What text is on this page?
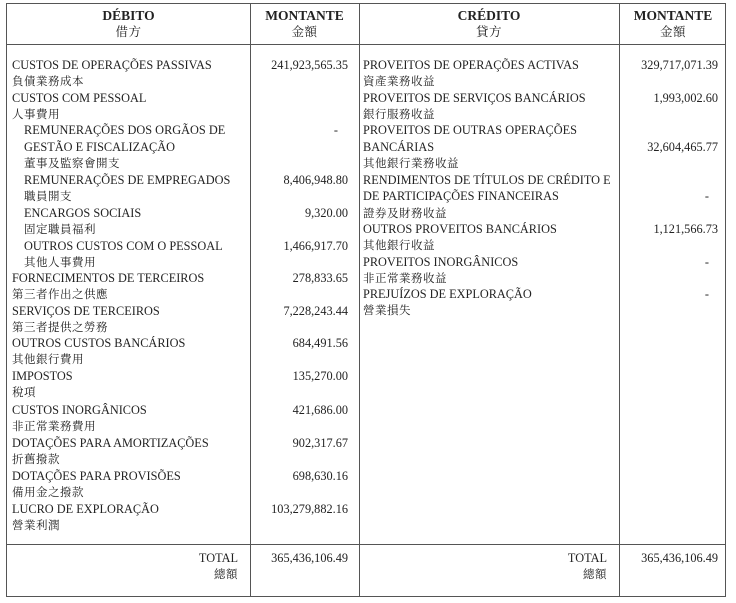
DÉBITO
借方
MONTANTE
金額
CRÉDITO
貸方
MONTANTE
金額
CUSTOS DE OPERAÇÕES PASSIVAS
負債業務成本
241,923,565.35
CUSTOS COM PESSOAL
人事費用
REMUNERAÇÕES DOS ORGÃOS DE
GESTÃO E FISCALIZAÇÃO
董事及監察會開支
-
REMUNERAÇÕES DE EMPREGADOS
職員開支
8,406,948.80
ENCARGOS SOCIAIS
固定職員福利
9,320.00
OUTROS CUSTOS COM O PESSOAL
其他人事費用
1,466,917.70
FORNECIMENTOS DE TERCEIROS
第三者作出之供應
278,833.65
SERVIÇOS DE TERCEIROS
第三者提供之勞務
7,228,243.44
OUTROS CUSTOS BANCÁRIOS
其他銀行費用
684,491.56
IMPOSTOS
稅項
135,270.00
CUSTOS INORGÂNICOS
非正常業務費用
421,686.00
DOTAÇÕES PARA AMORTIZAÇÕES
折舊撥款
902,317.67
DOTAÇÕES PARA PROVISÕES
備用金之撥款
698,630.16
LUCRO DE EXPLORAÇÃO
營業利潤
103,279,882.16
PROVEITOS DE OPERAÇÕES ACTIVAS
資產業務收益
329,717,071.39
PROVEITOS DE SERVIÇOS BANCÁRIOS
銀行服務收益
1,993,002.60
PROVEITOS DE OUTRAS OPERAÇÕES
BANCÁRIAS
其他銀行業務收益
32,604,465.77
RENDIMENTOS DE TÍTULOS DE CRÉDITO E
DE PARTICIPAÇÕES FINANCEIRAS
證券及財務收益
-
OUTROS PROVEITOS BANCÁRIOS
其他銀行收益
1,121,566.73
PROVEITOS INORGÂNICOS
非正常業務收益
-
PREJUÍZOS DE EXPLORAÇÃO
營業損失
-
TOTAL
總額
365,436,106.49	TOTAL
總額
365,436,106.49
